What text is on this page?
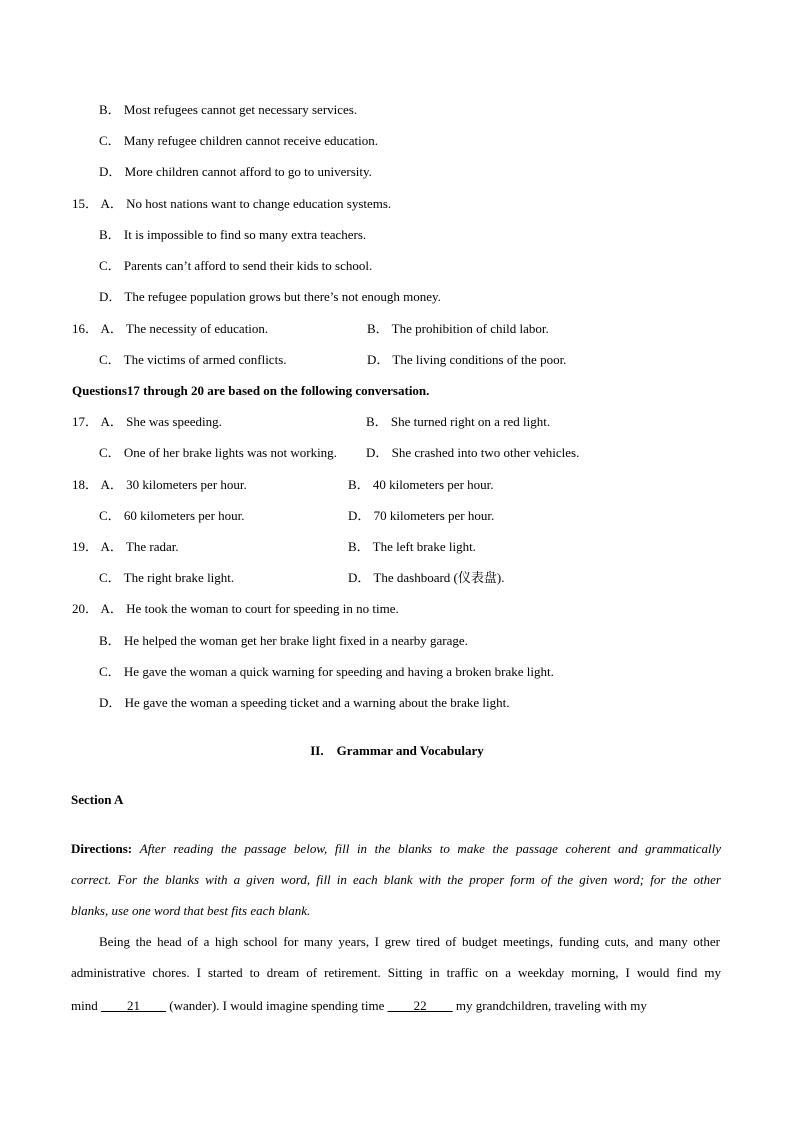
B． Most refugees cannot get necessary services.
C． Many refugee children cannot receive education.
D． More children cannot afford to go to university.
15． A． No host nations want to change education systems.
B． It is impossible to find so many extra teachers.
C． Parents can’t afford to send their kids to school.
D． The refugee population grows but there’s not enough money.
16． A． The necessity of education.	B． The prohibition of child labor.
C． The victims of armed conflicts.	D． The living conditions of the poor.
Questions17 through 20 are based on the following conversation.
17． A． She was speeding.	B． She turned right on a red light.
C． One of her brake lights was not working. D． She crashed into two other vehicles.
18． A． 30 kilometers per hour.	B． 40 kilometers per hour.
C． 60 kilometers per hour.	D． 70 kilometers per hour.
19． A． The radar.	B． The left brake light.
C． The right brake light.	D． The dashboard (仪表盘).
20． A． He took the woman to court for speeding in no time.
B． He helped the woman get her brake light fixed in a nearby garage.
C． He gave the woman a quick warning for speeding and having a broken brake light.
D． He gave the woman a speeding ticket and a warning about the brake light.
II.　Grammar and Vocabulary
Section A
Directions: After reading the passage below, fill in the blanks to make the passage coherent and grammatically
correct. For the blanks with a given word, fill in each blank with the proper form of the given word; for the other
blanks, use one word that best fits each blank.
Being the head of a high school for many years, I grew tired of budget meetings, funding cuts, and many other
administrative chores. I started to dream of retirement. Sitting in traffic on a weekday morning, I would find my
mind ____21____ (wander). I would imagine spending time ____22____ my grandchildren, traveling with my
